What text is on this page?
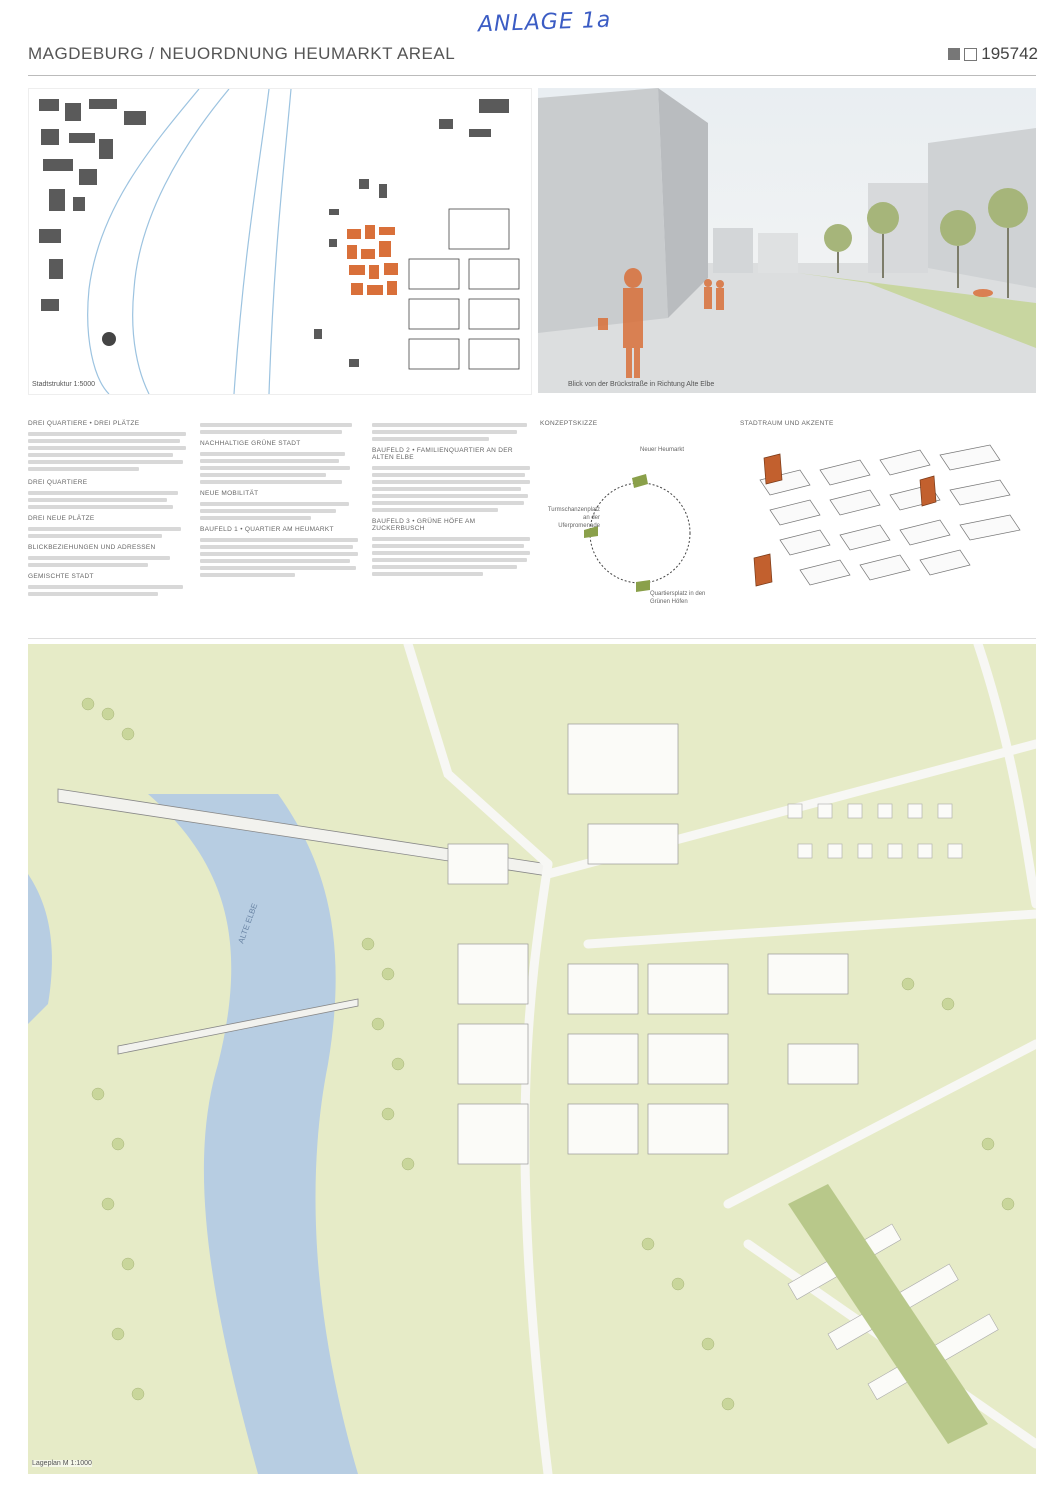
ANLAGE 1a
MAGDEBURG / NEUORDNUNG HEUMARKT AREAL	195742
Stadtstruktur 1:5000	Blick von der Brückstraße in Richtung Alte Elbe

DREI QUARTIERE • DREI PLÄTZE

DREI QUARTIERE

DREI NEUE PLÄTZE

BLICKBEZIEHUNGEN UND ADRESSEN

GEMISCHTE STADT

NACHHALTIGE GRÜNE STADT

NEUE MOBILITÄT

BAUFELD 1 • QUARTIER AM HEUMARKT

BAUFELD 2 • FAMILIENQUARTIER AN DER ALTEN ELBE

BAUFELD 3 • GRÜNE HÖFE AM ZUCKERBUSCH

KONZEPTSKIZZE
Neuer Heumarkt
Turmschanzenplatz an der Uferpromenade
Quartiersplatz in den Grünen Höfen
STADTRAUM UND AKZENTE
ALTE ELBE
Lageplan M 1:1000
